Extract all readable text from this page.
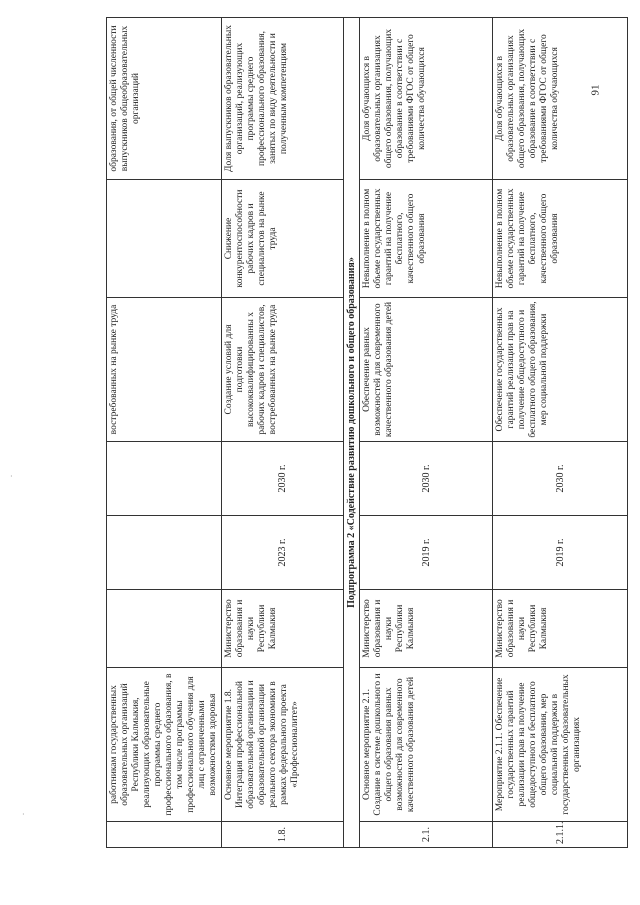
	работникам государственных образовательных организаций Республики Калмыкия, реализующих образовательные программы среднего профессионального образования, в том числе программы профессионального обучения для лиц с ограниченными возможностями здоровья				востребованных на рынке труда		образования, от общей численности выпускников общеобразовательных организаций
1.8.	Основное мероприятие 1.8. Интеграция профессиональной образовательной организации и образовательной организации реального сектора экономики в рамках федерального проекта «Профессионалитет»	Министерство образования и науки Республики Калмыкия	2023 г.	2030 г.	Создание условий для подготовки высококвалифицированны х рабочих кадров и специалистов, востребованных на рынке труда	Снижение конкурентоспособности рабочих кадров и специалистов на рынке труда	Доля выпускников образовательных организаций, реализующих программы среднего профессионального образования, занятых по виду деятельности и полученным компетенциям
Подпрограмма 2 «Содействие развитию дошкольного и общего образования»							
2.1.	Основное мероприятие 2.1. Создание в системе дошкольного и общего образования равных возможностей для современного качественного образования детей	Министерство образования и науки Республики Калмыкия	2019 г.	2030 г.	Обеспечение равных возможностей для современного качественного образования детей	Невыполнение в полном объеме государственных гарантий на получение бесплатного, качественного общего образования	Доля обучающихся в образовательных организациях общего образования, получающих образование в соответствии с требованиями ФГОС от общего количества обучающихся
2.1.1.	Мероприятие 2.1.1. Обеспечение государственных гарантий реализации прав на получение общедоступного и бесплатного общего образования, мер социальной поддержки в государственных образовательных организациях	Министерство образования и науки Республики Калмыкия	2019 г.	2030 г.	Обеспечение государственных гарантий реализации прав на получение общедоступного и бесплатного общего образования, мер социальной поддержки	Невыполнение в полном объеме государственных гарантий на получение бесплатного, качественного общего образования	Доля обучающихся в образовательных организациях общего образования, получающих образование в соответствии с требованиями ФГОС от общего количества обучающихся	91
·
·
